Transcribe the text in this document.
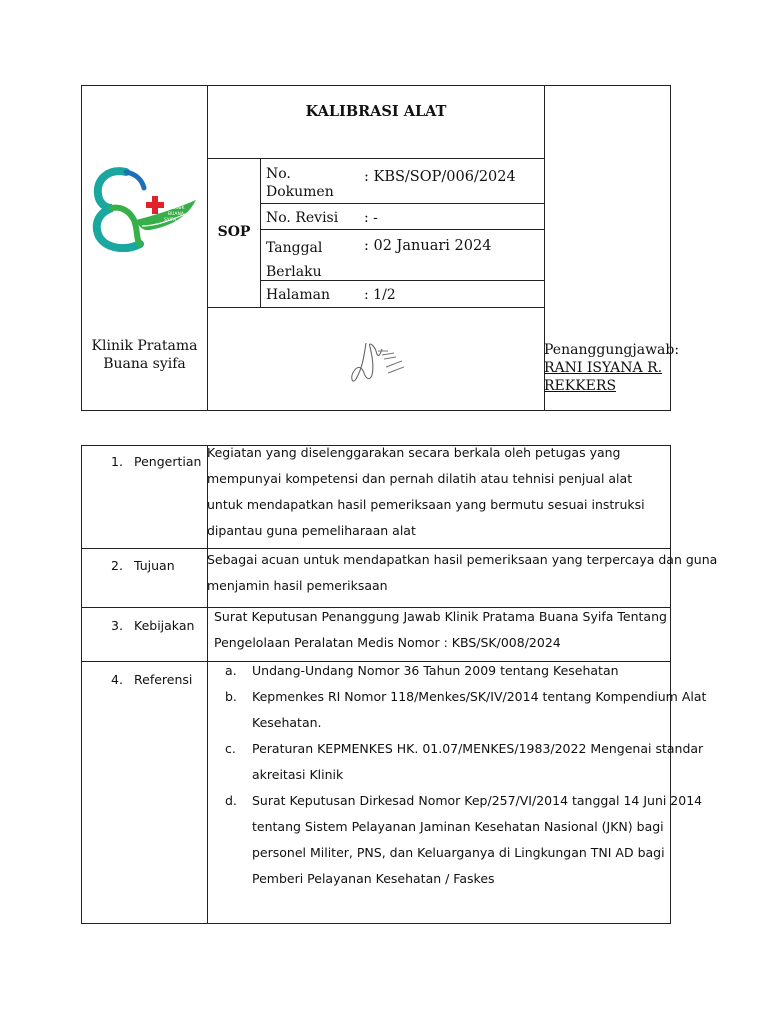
KALIBRASI ALAT
KLINIK
BUANA
SYIFA
Klinik Pratama
Buana syifa
SOP
No.
Dokumen
: KBS/SOP/006/2024
No. Revisi : -
Tanggal
Berlaku
: 02 Januari 2024
Halaman : 1/2
Penanggungjawab:
RANI ISYANA R.
REKKERS
1. Pengertian
Kegiatan yang diselenggarakan secara berkala oleh petugas yang
mempunyai kompetensi dan pernah dilatih atau tehnisi penjual alat
untuk mendapatkan hasil pemeriksaan yang bermutu sesuai instruksi
dipantau guna pemeliharaan alat
2. Tujuan	Sebagai acuan untuk mendapatkan hasil pemeriksaan yang terpercaya dan guna
menjamin hasil pemeriksaan
3. Kebijakan
Surat Keputusan Penanggung Jawab Klinik Pratama Buana Syifa Tentang
Pengelolaan Peralatan Medis Nomor : KBS/SK/008/2024
4. Referensi
a. Undang-Undang Nomor 36 Tahun 2009 tentang Kesehatan
b. Kepmenkes RI Nomor 118/Menkes/SK/IV/2014 tentang Kompendium Alat
Kesehatan.
c. Peraturan KEPMENKES HK. 01.07/MENKES/1983/2022 Mengenai standar
akreitasi Klinik
d. Surat Keputusan Dirkesad Nomor Kep/257/VI/2014 tanggal 14 Juni 2014
tentang Sistem Pelayanan Jaminan Kesehatan Nasional (JKN) bagi
personel Militer, PNS, dan Keluarganya di Lingkungan TNI AD bagi
Pemberi Pelayanan Kesehatan / Faskes
